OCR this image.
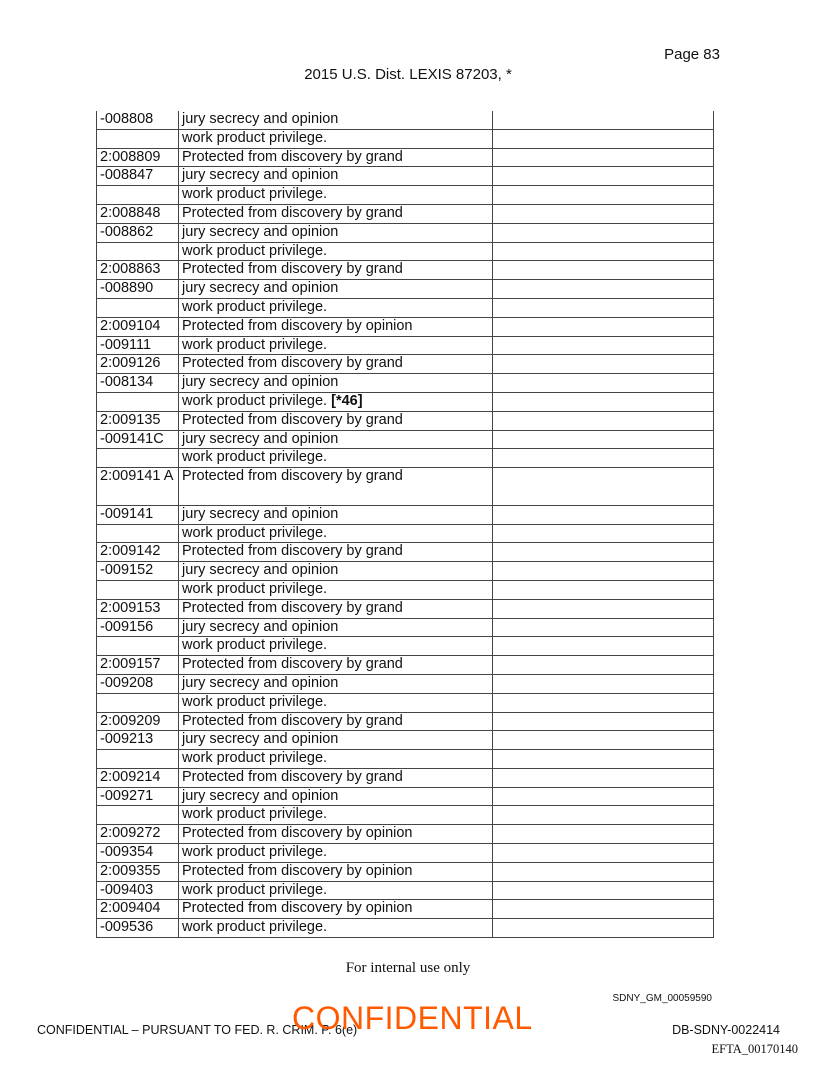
Page 83
2015 U.S. Dist. LEXIS 87203, *
-008808	jury secrecy and opinion	
	work product privilege.	
2:008809	Protected from discovery by grand	
-008847	jury secrecy and opinion	
	work product privilege.	
2:008848	Protected from discovery by grand	
-008862	jury secrecy and opinion	
	work product privilege.	
2:008863	Protected from discovery by grand	
-008890	jury secrecy and opinion	
	work product privilege.	
2:009104	Protected from discovery by opinion	
-009111	work product privilege.	
2:009126	Protected from discovery by grand	
-008134	jury secrecy and opinion	
	work product privilege. [*46]	
2:009135	Protected from discovery by grand	
-009141C	jury secrecy and opinion	
	work product privilege.	
2:009141 A	Protected from discovery by grand	
-009141	jury secrecy and opinion	
	work product privilege.	
2:009142	Protected from discovery by grand	
-009152	jury secrecy and opinion	
	work product privilege.	
2:009153	Protected from discovery by grand	
-009156	jury secrecy and opinion	
	work product privilege.	
2:009157	Protected from discovery by grand	
-009208	jury secrecy and opinion	
	work product privilege.	
2:009209	Protected from discovery by grand	
-009213	jury secrecy and opinion	
	work product privilege.	
2:009214	Protected from discovery by grand	
-009271	jury secrecy and opinion	
	work product privilege.	
2:009272	Protected from discovery by opinion	
-009354	work product privilege.	
2:009355	Protected from discovery by opinion	
-009403	work product privilege.	
2:009404	Protected from discovery by opinion	
-009536	work product privilege.	
For internal use only
SDNY_GM_00059590
CONFIDENTIAL – PURSUANT TO FED. R. CRIM. P. 6(e)
CONFIDENTIAL	DB-SDNY-0022414
EFTA_00170140
